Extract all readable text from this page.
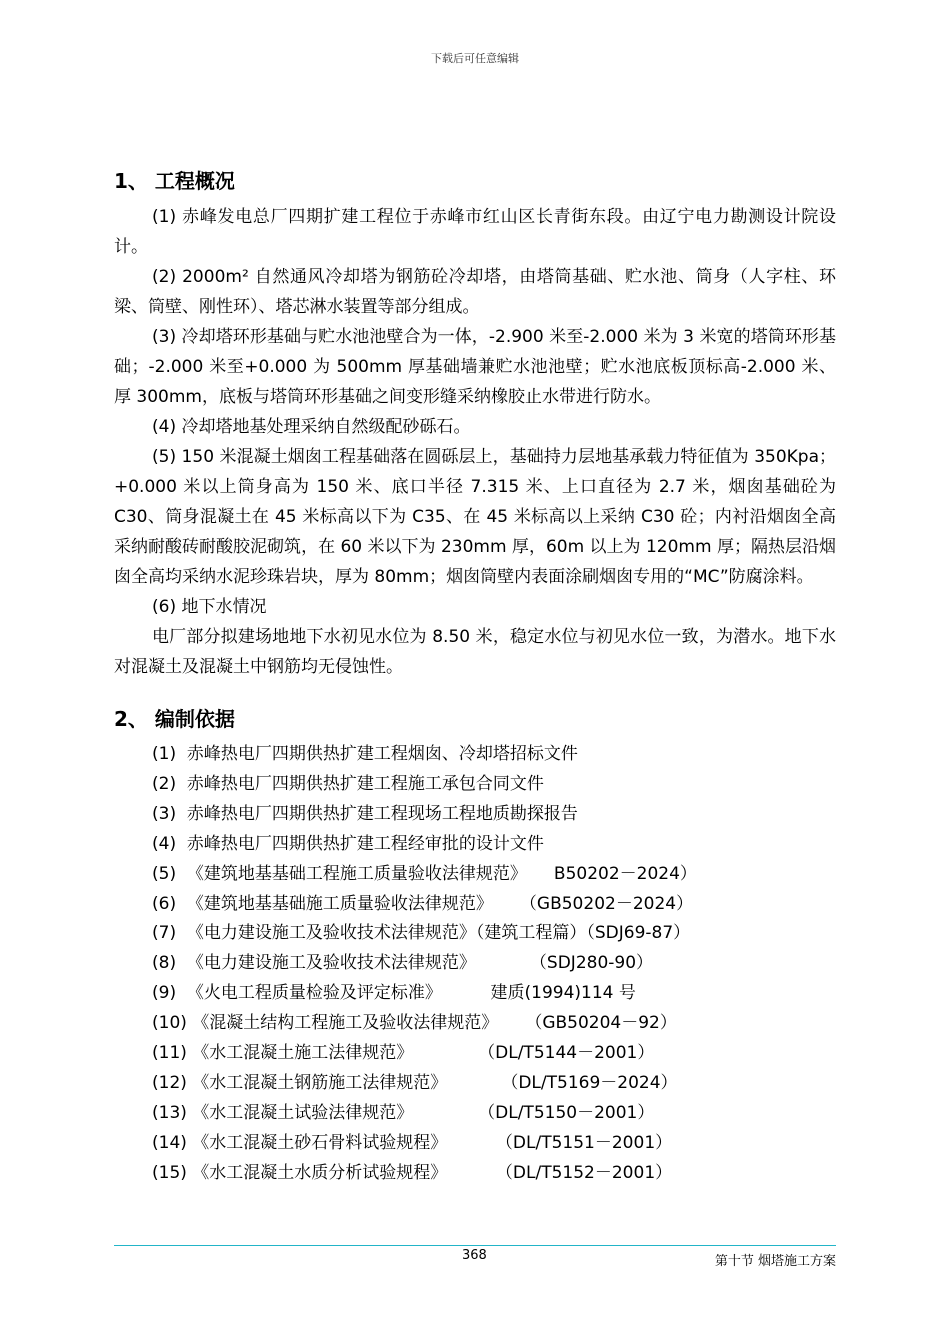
下载后可任意编辑
1、 工程概况

(1) 赤峰发电总厂四期扩建工程位于赤峰市红山区长青街东段。由辽宁电力勘测设计院设计。

(2) 2000m² 自然通风冷却塔为钢筋砼冷却塔，由塔筒基础、贮水池、筒身（人字柱、环梁、筒壁、刚性环）、塔芯淋水装置等部分组成。

(3) 冷却塔环形基础与贮水池池壁合为一体，-2.900 米至-2.000 米为 3 米宽的塔筒环形基础；-2.000 米至+0.000 为 500mm 厚基础墙兼贮水池池壁；贮水池底板顶标高-2.000 米、厚 300mm，底板与塔筒环形基础之间变形缝采纳橡胶止水带进行防水。

(4) 冷却塔地基处理采纳自然级配砂砾石。

(5) 150 米混凝土烟囱工程基础落在圆砾层上，基础持力层地基承载力特征值为 350Kpa；+0.000 米以上筒身高为 150 米、底口半径 7.315 米、上口直径为 2.7 米，烟囱基础砼为 C30、筒身混凝土在 45 米标高以下为 C35、在 45 米标高以上采纳 C30 砼；内衬沿烟囱全高采纳耐酸砖耐酸胶泥砌筑，在 60 米以下为 230mm 厚，60m 以上为 120mm 厚；隔热层沿烟囱全高均采纳水泥珍珠岩块，厚为 80mm；烟囱筒壁内表面涂刷烟囱专用的“MC”防腐涂料。

(6) 地下水情况

电厂部分拟建场地地下水初见水位为 8.50 米，稳定水位与初见水位一致，为潜水。地下水对混凝土及混凝土中钢筋均无侵蚀性。

2、 编制依据

(1)  赤峰热电厂四期供热扩建工程烟囱、冷却塔招标文件

(2)  赤峰热电厂四期供热扩建工程施工承包合同文件

(3)  赤峰热电厂四期供热扩建工程现场工程地质勘探报告

(4)  赤峰热电厂四期供热扩建工程经审批的设计文件

(5)  《建筑地基基础工程施工质量验收法律规范》     B50202－2024）

(6)  《建筑地基基础施工质量验收法律规范》     （GB50202－2024）

(7)  《电力建设施工及验收技术法律规范》（建筑工程篇）（SDJ69-87）

(8)  《电力建设施工及验收技术法律规范》          （SDJ280-90）

(9)  《火电工程质量检验及评定标准》         建质(1994)114 号

(10) 《混凝土结构工程施工及验收法律规范》     （GB50204－92）

(11) 《水工混凝土施工法律规范》            （DL/T5144－2001）

(12) 《水工混凝土钢筋施工法律规范》          （DL/T5169－2024）

(13) 《水工混凝土试验法律规范》            （DL/T5150－2001）

(14) 《水工混凝土砂石骨料试验规程》         （DL/T5151－2001）

(15) 《水工混凝土水质分析试验规程》         （DL/T5152－2001）

368	第十节 烟塔施工方案
